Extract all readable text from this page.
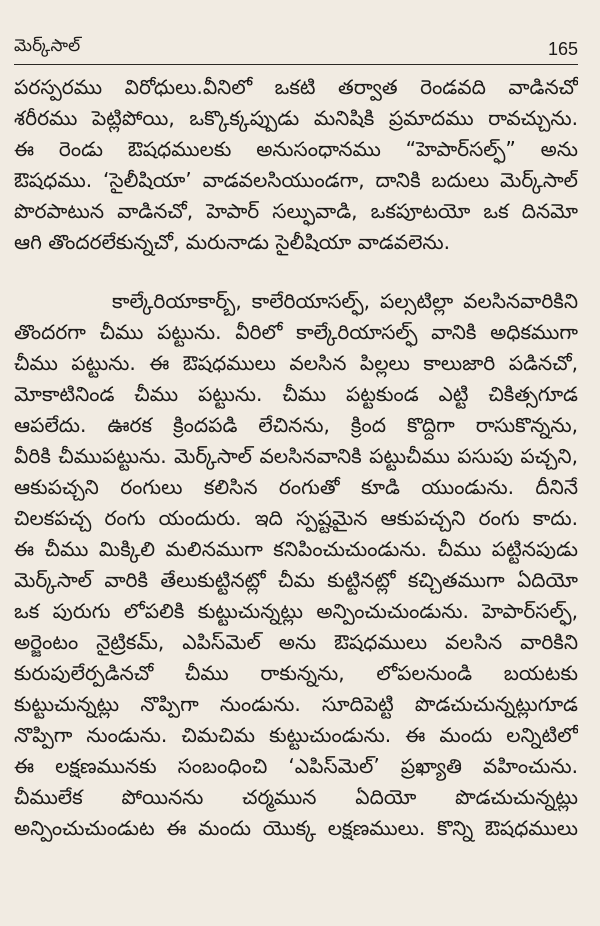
మెర్క్‌సాల్	165
పరస్పరము విరోధులు.వీనిలో ఒకటి తర్వాత రెండవది వాడినచో
శరీరము పెట్లిపోయి, ఒక్కొక్కప్పుడు మనిషికి ప్రమాదము రావచ్చును.
ఈ రెండు ఔషధములకు అనుసంధానము “హెపార్‌సల్ఫ్” అను
ఔషధము. ‘సైలీషియా’ వాడవలసియుండగా, దానికి బదులు మెర్క్‌సాల్
పొరపాటున వాడినచో, హెపార్ సల్ఫువాడి, ఒకపూటయో ఒక దినమో
ఆగి తొందరలేకున్నచో, మరునాడు సైలీషియా వాడవలెను.
కాల్కేరియాకార్బ్, కాలేరియాసల్ఫ్, పల్సటిల్లా వలసినవారికిని
తొందరగా చీము పట్టును. వీరిలో కాల్కేరియాసల్ఫ్ వానికి అధికముగా
చీము పట్టును. ఈ ఔషధములు వలసిన పిల్లలు కాలుజారి పడినచో,
మోకాటినిండ చీము పట్టును. చీము పట్టకుండ ఎట్టి చికిత్సగూడ
ఆపలేదు. ఊరక క్రిందపడి లేచినను, క్రింద కొద్దిగా రాసుకొన్నను,
వీరికి చీముపట్టును. మెర్క్‌సాల్ వలసినవానికి పట్టుచీము పసుపు పచ్చని,
ఆకుపచ్చని రంగులు కలిసిన రంగుతో కూడి యుండును. దీనినే
చిలకపచ్చ రంగు యందురు. ఇది స్పష్టమైన ఆకుపచ్చని రంగు కాదు.
ఈ చీము మిక్కిలి మలినముగా కనిపించుచుండును. చీము పట్టినపుడు
మెర్క్‌సాల్ వారికి తేలుకుట్టినట్లో చీమ కుట్టినట్లో కచ్చితముగా ఏదియో
ఒక పురుగు లోపలికి కుట్టుచున్నట్లు అన్పించుచుండును. హెపార్‌సల్ఫ్,
అర్జెంటం నైట్రికమ్, ఎపిస్‌మెల్ అను ఔషధములు వలసిన వారికిని
కురుపులేర్పడినచో చీము రాకున్నను, లోపలనుండి బయటకు
కుట్టుచున్నట్లు నొప్పిగా నుండును. సూదిపెట్టి పొడచుచున్నట్లుగూడ
నొప్పిగా నుండును. చిమచిమ కుట్టుచుండును. ఈ మందు లన్నిటిలో
ఈ లక్షణమునకు సంబంధించి ‘ఎపిస్‌మెల్’ ప్రఖ్యాతి వహించును.
చీములేక పోయినను చర్మమున ఏదియో పొడచుచున్నట్లు
అన్పించుచుండుట ఈ మందు యొక్క లక్షణములు. కొన్ని ఔషధములు
